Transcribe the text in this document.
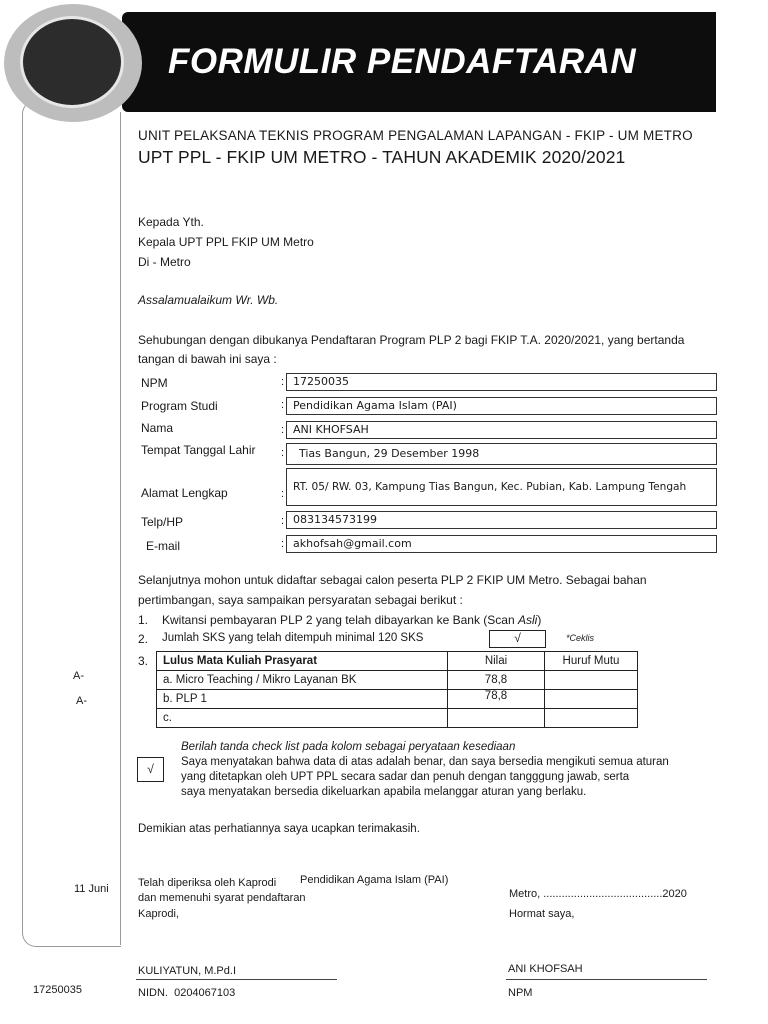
FORMULIR PENDAFTARAN
UNIT PELAKSANA TEKNIS PROGRAM PENGALAMAN LAPANGAN - FKIP - UM METRO
UPT PPL - FKIP UM METRO - TAHUN AKADEMIK 2020/2021
Kepada Yth.
Kepala UPT PPL FKIP UM Metro
Di - Metro
Assalamualaikum Wr. Wb.
Sehubungan dengan dibukanya Pendaftaran Program PLP 2 bagi FKIP T.A. 2020/2021, yang bertanda
tangan di bawah ini saya :
NPM	: 17250035
Program Studi	: Pendidikan Agama Islam (PAI)
Nama	: ANI KHOFSAH
Tempat Tanggal Lahir :	Tias Bangun, 29 Desember 1998
Alamat Lengkap	:
RT. 05/ RW. 03, Kampung Tias Bangun, Kec. Pubian, Kab. Lampung Tengah
Telp/HP	: 083134573199
E-mail	: akhofsah@gmail.com
Selanjutnya mohon untuk didaftar sebagai calon peserta PLP 2 FKIP UM Metro. Sebagai bahan
pertimbangan, saya sampaikan persyaratan sebagai berikut :
1. Kwitansi pembayaran PLP 2 yang telah dibayarkan ke Bank (Scan Asli)
2. Jumlah SKS yang telah ditempuh minimal 120 SKS	√	*Ceklis
3. Lulus Mata Kuliah Prasyarat	Nilai	Huruf Mutu
a. Micro Teaching / Mikro Layanan BK	78,8	
b. PLP 1	78,8	
c.		
A-
A-
11 Juni
17250035
Berilah tanda check list pada kolom sebagai peryataan kesediaan
√	Saya menyatakan bahwa data di atas adalah benar, dan saya bersedia mengikuti semua aturan
yang ditetapkan oleh UPT PPL secara sadar dan penuh dengan tangggung jawab, serta
saya menyatakan bersedia dikeluarkan apabila melanggar aturan yang berlaku.
Demikian atas perhatiannya saya ucapkan terimakasih.
Telah diperiksa oleh Kaprodi Pendidikan Agama Islam (PAI)
dan memenuhi syarat pendaftaran
Kaprodi,
KULIYATUN, M.Pd.I
NIDN. 0204067103
Metro, .......................................2020
Hormat saya,
ANI KHOFSAH
NPM
